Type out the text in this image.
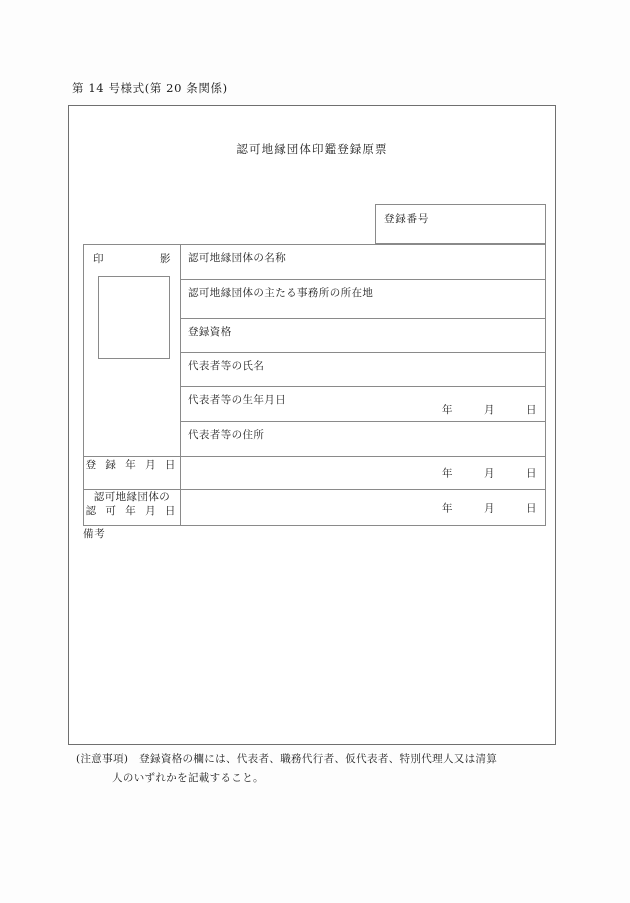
第 14 号様式(第 20 条関係)
認可地縁団体印鑑登録原票
登録番号
印 影	認可地縁団体の名称

	認可地縁団体の主たる事務所の所在地

	登録資格

	代表者等の氏名

	代表者等の生年月日
年 月 日

	代表者等の住所

登 録 年 月 日	年 月 日

認可地縁団体の
認 可 年 月 日	年 月 日
備考
(注意事項)　登録資格の欄には、代表者、職務代行者、仮代表者、特別代理人又は清算
人のいずれかを記載すること。
